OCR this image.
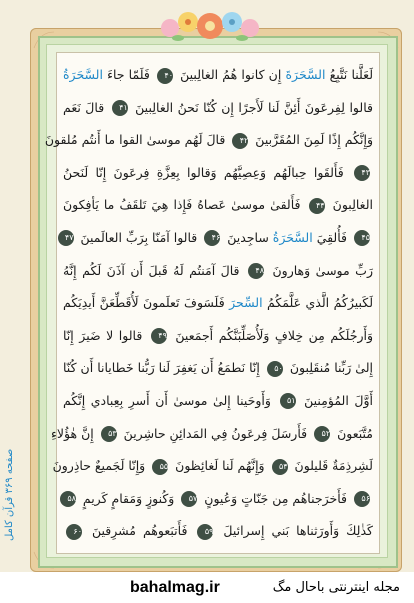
لَعَلَّنا نَتَّبِعُ السَّحَرَةَ إِن كانوا هُمُ الغالِبينَ ۴۰ فَلَمّا جاءَ السَّحَرَةُ
قالوا لِفِرعَونَ أَئِنَّ لَنا لَأَجرًا إِن كُنّا نَحنُ الغالِبينَ ۴۱ قالَ نَعَم
وَإِنَّكُم إِذًا لَمِنَ المُقَرَّبينَ ۴۲ قالَ لَهُم موسىٰ القوا ما أَنتُم مُلقونَ
۴۳ فَأَلقَوا حِبالَهُم وَعِصِيَّهُم وَقالوا بِعِزَّةِ فِرعَونَ إِنّا لَنَحنُ
الغالِبونَ ۴۴ فَأَلقىٰ موسىٰ عَصاهُ فَإِذا هِيَ تَلقَفُ ما يَأفِكونَ
۴۵ فَأُلقِيَ السَّحَرَةُ ساجِدينَ ۴۶ قالوا آمَنّا بِرَبِّ العالَمينَ ۴۷
رَبِّ موسىٰ وَهارونَ ۴۸ قالَ آمَنتُم لَهُ قَبلَ أَن آذَنَ لَكُم إِنَّهُ
لَكَبيرُكُمُ الَّذي عَلَّمَكُمُ السِّحرَ فَلَسَوفَ تَعلَمونَ لَأُقَطِّعَنَّ أَيدِيَكُم
وَأَرجُلَكُم مِن خِلافٍ وَلَأُصَلِّبَنَّكُم أَجمَعينَ ۴۹ قالوا لا ضَيرَ إِنّا
إِلىٰ رَبِّنا مُنقَلِبونَ ۵۰ إِنّا نَطمَعُ أَن يَغفِرَ لَنا رَبُّنا خَطايانا أَن كُنّا
أَوَّلَ المُؤمِنينَ ۵۱ وَأَوحَينا إِلىٰ موسىٰ أَن أَسرِ بِعِبادي إِنَّكُم
مُتَّبَعونَ ۵۲ فَأَرسَلَ فِرعَونُ فِي المَدائِنِ حاشِرينَ ۵۳ إِنَّ هٰؤُلاءِ
لَشِرذِمَةٌ قَليلونَ ۵۴ وَإِنَّهُم لَنا لَغائِظونَ ۵۵ وَإِنّا لَجَميعٌ حاذِرونَ
۵۶ فَأَخرَجناهُم مِن جَنّاتٍ وَعُيونٍ ۵۷ وَكُنوزٍ وَمَقامٍ كَريمٍ ۵۸
كَذٰلِكَ وَأَورَثناها بَني إِسرائيلَ ۵۹ فَأَتبَعوهُم مُشرِقينَ ۶۰
صفحه ۳۶۹ قرآن کامل
bahalmag.ir	مجله اینترنتی باحال مگ
